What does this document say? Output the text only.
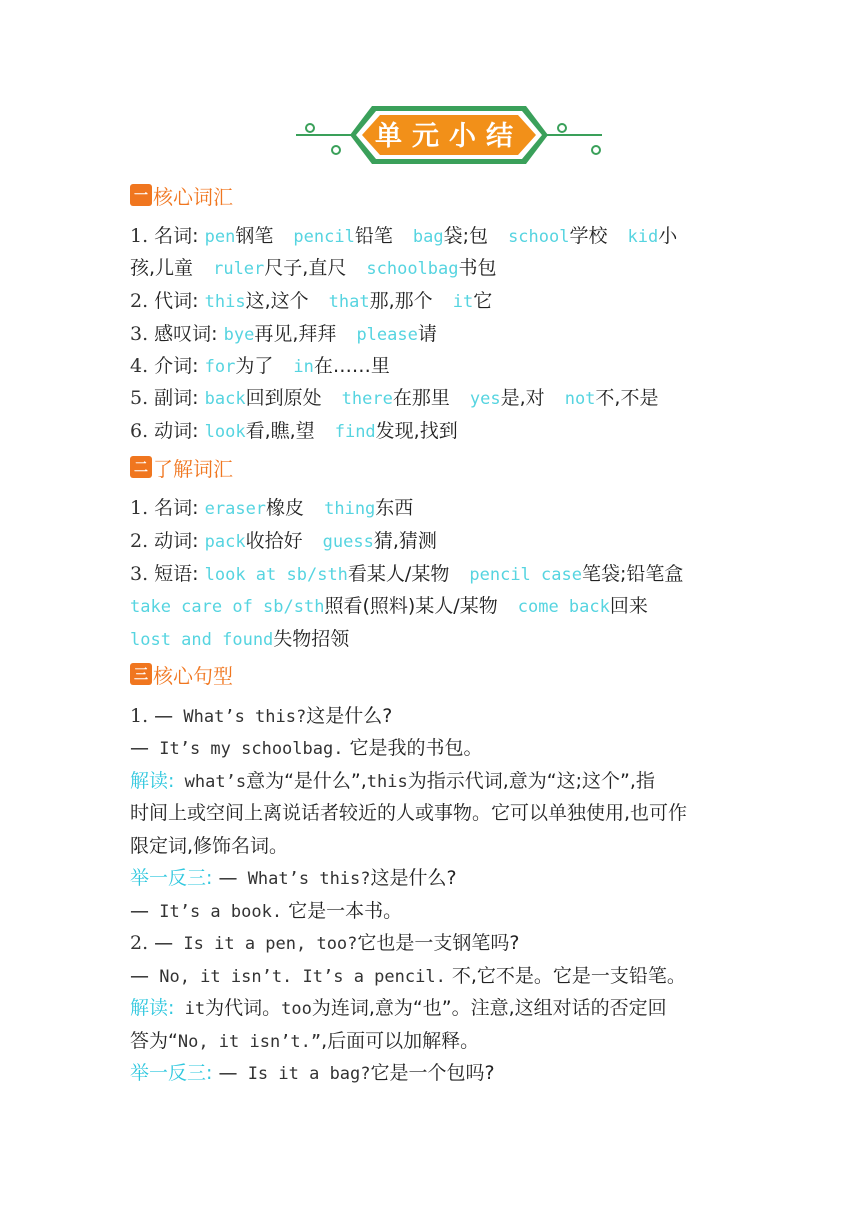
单元小结
一 核心词汇
1. 名词: pen钢笔 pencil铅笔 bag袋;包 school学校 kid小
孩,儿童 ruler尺子,直尺 schoolbag书包
2. 代词: this这,这个 that那,那个 it它
3. 感叹词: bye再见,拜拜 please请
4. 介词: for为了 in在……里
5. 副词: back回到原处 there在那里 yes是,对 not不,不是
6. 动词: look看,瞧,望 find发现,找到
二 了解词汇
1. 名词: eraser橡皮 thing东西
2. 动词: pack收拾好 guess猜,猜测
3. 短语: look at sb/sth看某人/某物 pencil case笔袋;铅笔盒
take care of sb/sth照看(照料)某人/某物 come back回来
lost and found失物招领
三 核心句型
1. — What’s this?这是什么?
— It’s my schoolbag. 它是我的书包。
解读: what’s意为“是什么”,this为指示代词,意为“这;这个”,指
时间上或空间上离说话者较近的人或事物。它可以单独使用,也可作
限定词,修饰名词。
举一反三: — What’s this?这是什么?
— It’s a book. 它是一本书。
2. — Is it a pen, too?它也是一支钢笔吗?
— No, it isn’t. It’s a pencil. 不,它不是。它是一支铅笔。
解读: it为代词。too为连词,意为“也”。注意,这组对话的否定回
答为“No, it isn’t.”,后面可以加解释。
举一反三: — Is it a bag?它是一个包吗?
